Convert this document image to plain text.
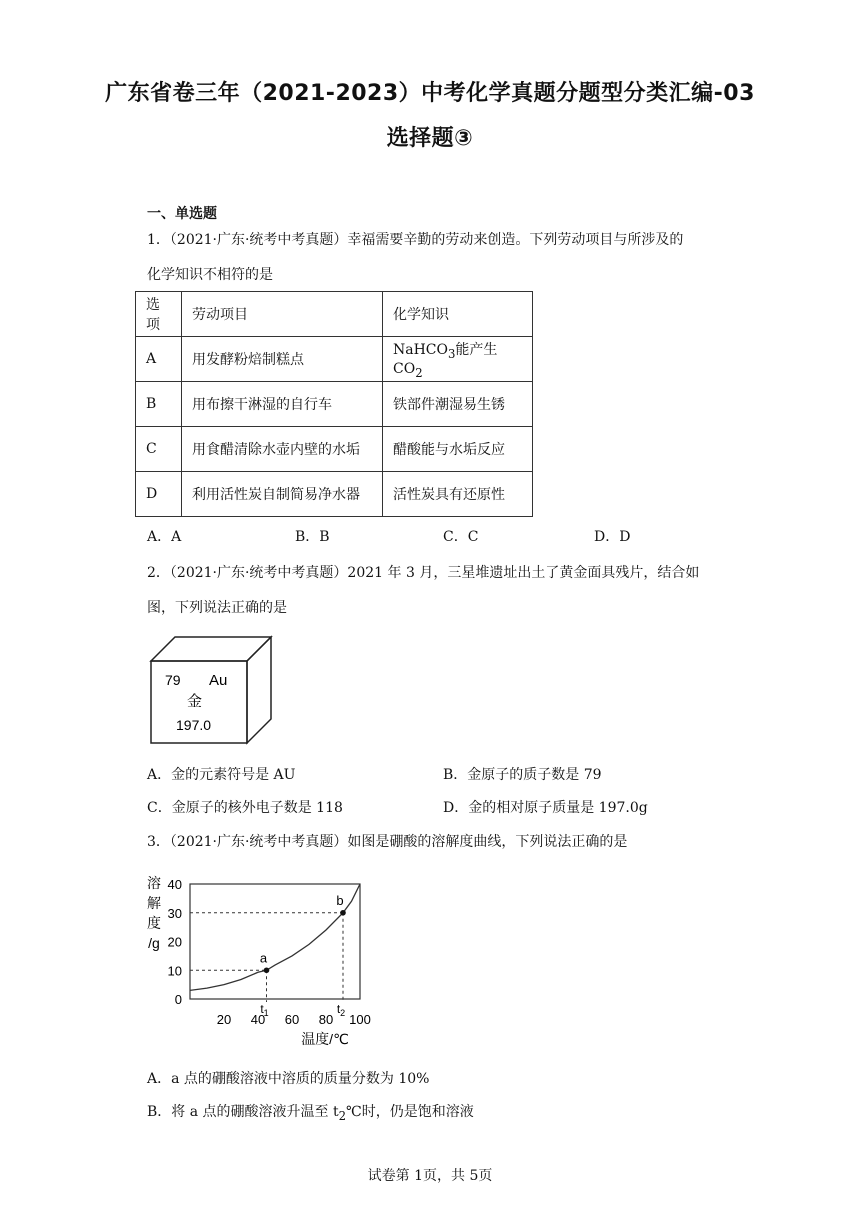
广东省卷三年（2021-2023）中考化学真题分题型分类汇编-03
选择题③
一、单选题
1．（2021·广东·统考中考真题）幸福需要辛勤的劳动来创造。下列劳动项目与所涉及的
化学知识不相符的是
选项	劳动项目	化学知识
A	用发酵粉焙制糕点	NaHCO$_3$能产生 $CO_2$
B	用布擦干淋湿的自行车	铁部件潮湿易生锈
C	用食醋清除水壶内壁的水垢	醋酸能与水垢反应
D	利用活性炭自制简易净水器	活性炭具有还原性
A．A	B．B	C．C	D．D
2．（2021·广东·统考中考真题）2021 年 3 月，三星堆遗址出土了黄金面具残片，结合如
图，下列说法正确的是
79 Au
金
197.0
A．金的元素符号是 AU	B．金原子的质子数是 79
C．金原子的核外电子数是 118	D．金的相对原子质量是 197.0g
3．（2021·广东·统考中考真题）如图是硼酸的溶解度曲线，下列说法正确的是
0
10
20
30
40
20 40 60 80 100
溶
解
度
/g
温度/℃
a
$t_1$
b
$t_2$
A．a 点的硼酸溶液中溶质的质量分数为 10%
B．将 a 点的硼酸溶液升温至 $t_2℃$时，仍是饱和溶液
试卷第 1页，共 5页
